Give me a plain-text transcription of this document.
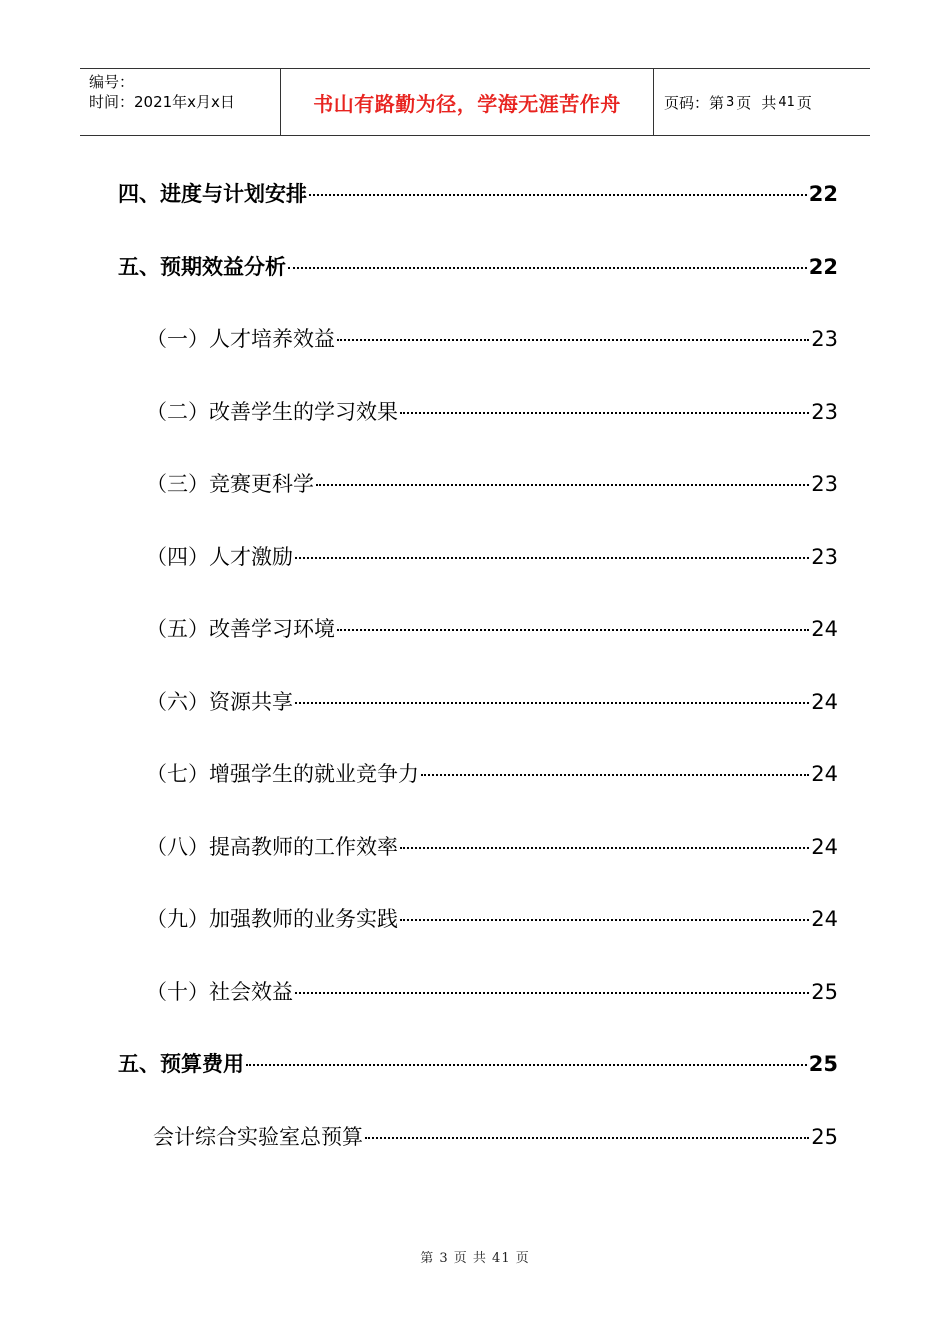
编号：
时间：2021年x月x日	书山有路勤为径，学海无涯苦作舟	页码：第 3 页 共 41 页
四、进度与计划安排	22
五、预期效益分析	22
（一）人才培养效益	23
（二）改善学生的学习效果	23
（三）竞赛更科学	23
（四）人才激励	23
（五）改善学习环境	24
（六）资源共享	24
（七）增强学生的就业竞争力	24
（八）提高教师的工作效率	24
（九）加强教师的业务实践	24
（十）社会效益	25
五、预算费用	25
会计综合实验室总预算	25
第 3 页 共 41 页
